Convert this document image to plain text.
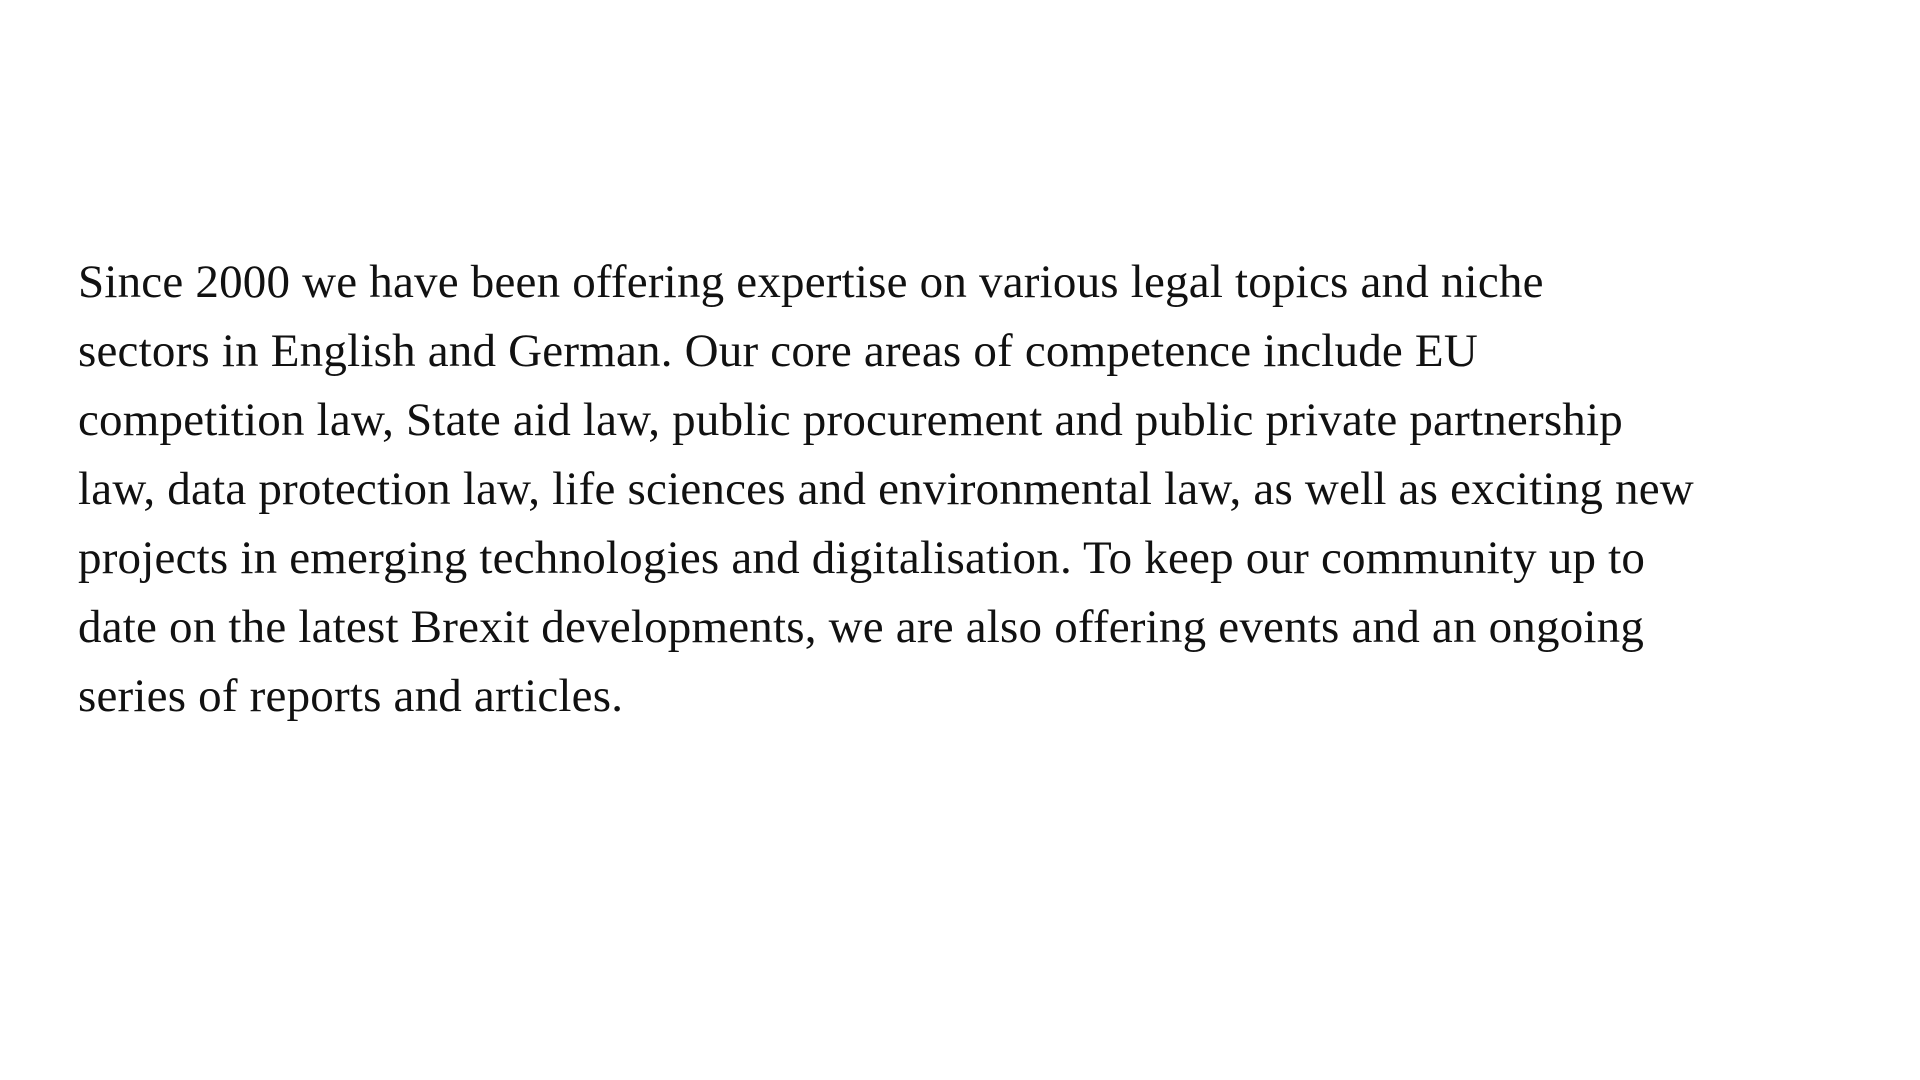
Since 2000 we have been offering expertise on various legal topics and niche
sectors in English and German. Our core areas of competence include EU
competition law, State aid law, public procurement and public private partnership
law, data protection law, life sciences and environmental law, as well as exciting new
projects in emerging technologies and digitalisation. To keep our community up to
date on the latest Brexit developments, we are also offering events and an ongoing
series of reports and articles.
